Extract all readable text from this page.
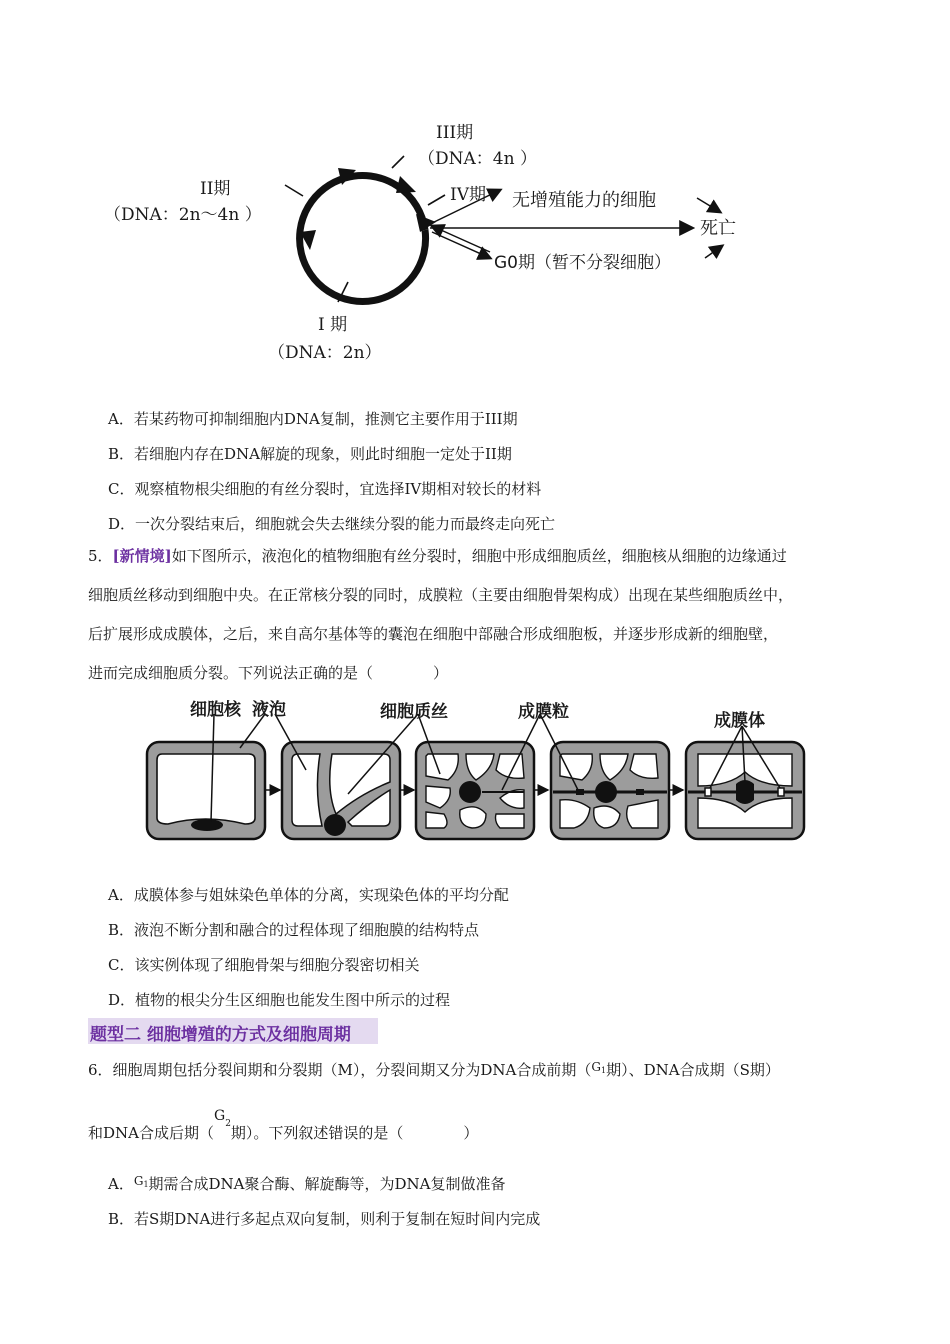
III期
（DNA：4n ）
II期
（DNA：2n～4n ）
IV期
I 期
（DNA：2n）
无增殖能力的细胞
死亡
G0期（暂不分裂细胞）
A．若某药物可抑制细胞内DNA复制，推测它主要作用于III期
B．若细胞内存在DNA解旋的现象，则此时细胞一定处于II期
C．观察植物根尖细胞的有丝分裂时，宜选择IV期相对较长的材料
D．一次分裂结束后，细胞就会失去继续分裂的能力而最终走向死亡
5．[新情境]如下图所示，液泡化的植物细胞有丝分裂时，细胞中形成细胞质丝，细胞核从细胞的边缘通过
细胞质丝移动到细胞中央。在正常核分裂的同时，成膜粒（主要由细胞骨架构成）出现在某些细胞质丝中，
后扩展形成成膜体，之后，来自高尔基体等的囊泡在细胞中部融合形成细胞板，并逐步形成新的细胞壁，
进而完成细胞质分裂。下列说法正确的是（　　　　）
细胞核 液泡	细胞质丝	成膜粒	成膜体
A．成膜体参与姐妹染色单体的分离，实现染色体的平均分配
B．液泡不断分割和融合的过程体现了细胞膜的结构特点
C．该实例体现了细胞骨架与细胞分裂密切相关
D．植物的根尖分生区细胞也能发生图中所示的过程
题型二 细胞增殖的方式及细胞周期
6．细胞周期包括分裂间期和分裂期（M），分裂间期又分为DNA合成前期（$^G$1期）、DNA合成期（S期）
和DNA合成后期（$G^2$期）。下列叙述错误的是（　　　　）
A．$^G$1期需合成DNA聚合酶、解旋酶等，为DNA复制做准备
B．若S期DNA进行多起点双向复制，则利于复制在短时间内完成
